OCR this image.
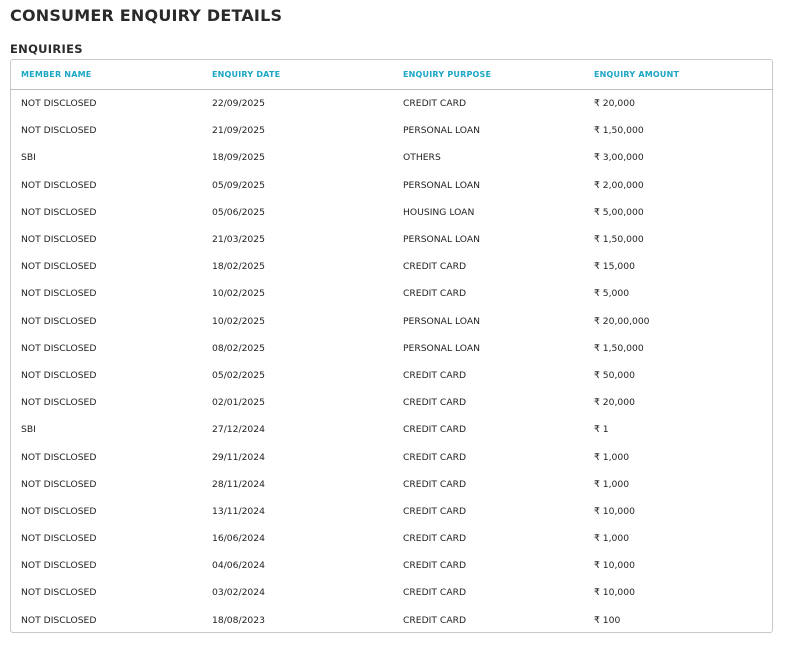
CONSUMER ENQUIRY DETAILS
ENQUIRIES
MEMBER NAME	ENQUIRY DATE	ENQUIRY PURPOSE	ENQUIRY AMOUNT
NOT DISCLOSED	22/09/2025	CREDIT CARD	₹ 20,000
NOT DISCLOSED	21/09/2025	PERSONAL LOAN	₹ 1,50,000
SBI	18/09/2025	OTHERS	₹ 3,00,000
NOT DISCLOSED	05/09/2025	PERSONAL LOAN	₹ 2,00,000
NOT DISCLOSED	05/06/2025	HOUSING LOAN	₹ 5,00,000
NOT DISCLOSED	21/03/2025	PERSONAL LOAN	₹ 1,50,000
NOT DISCLOSED	18/02/2025	CREDIT CARD	₹ 15,000
NOT DISCLOSED	10/02/2025	CREDIT CARD	₹ 5,000
NOT DISCLOSED	10/02/2025	PERSONAL LOAN	₹ 20,00,000
NOT DISCLOSED	08/02/2025	PERSONAL LOAN	₹ 1,50,000
NOT DISCLOSED	05/02/2025	CREDIT CARD	₹ 50,000
NOT DISCLOSED	02/01/2025	CREDIT CARD	₹ 20,000
SBI	27/12/2024	CREDIT CARD	₹ 1
NOT DISCLOSED	29/11/2024	CREDIT CARD	₹ 1,000
NOT DISCLOSED	28/11/2024	CREDIT CARD	₹ 1,000
NOT DISCLOSED	13/11/2024	CREDIT CARD	₹ 10,000
NOT DISCLOSED	16/06/2024	CREDIT CARD	₹ 1,000
NOT DISCLOSED	04/06/2024	CREDIT CARD	₹ 10,000
NOT DISCLOSED	03/02/2024	CREDIT CARD	₹ 10,000
NOT DISCLOSED	18/08/2023	CREDIT CARD	₹ 100
